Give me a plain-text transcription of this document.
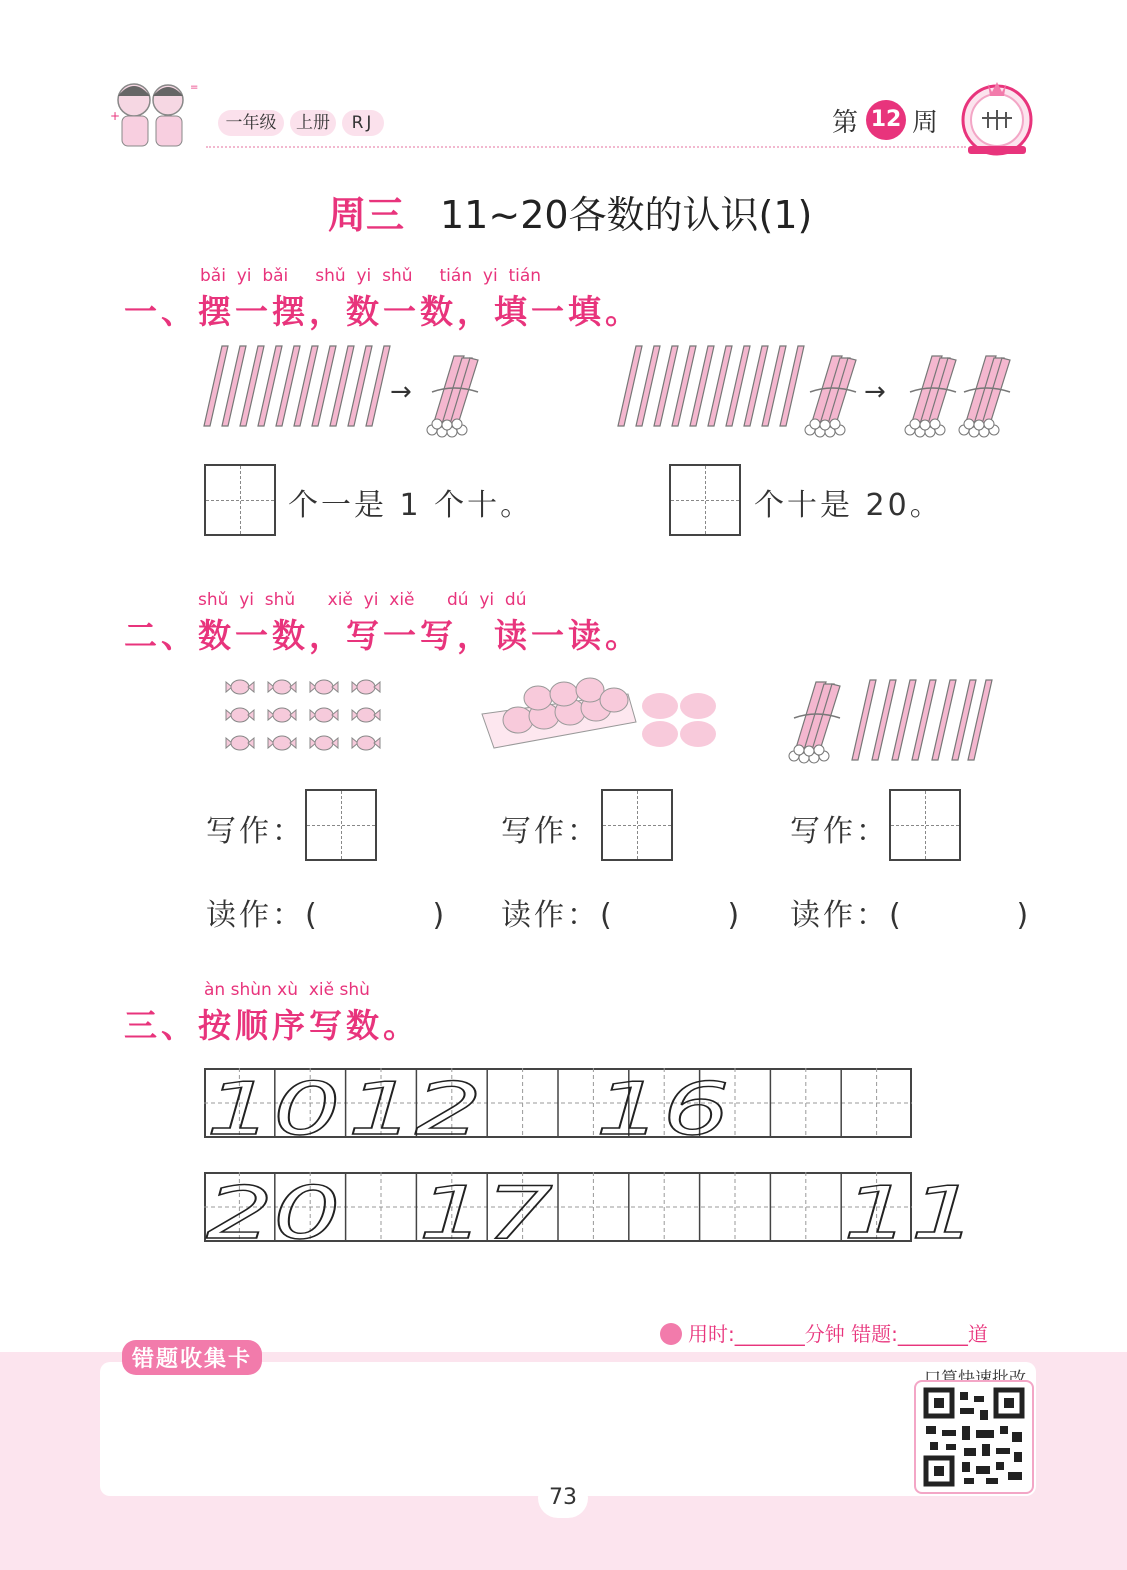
+
=
一年级	上册	RJ	第 12 周
周三 11~20各数的认识(1)
bǎi  yi  bǎi     shǔ  yi  shǔ     tián  yi  tián
一、摆一摆，数一数，填一填。
→	→
个一是 1 个十。	个十是 20。
shǔ  yi  shǔ      xiě  yi  xiě      dú  yi  dú
二、数一数，写一写，读一读。
写作：	写作：	写作：
读作：(         ) 读作：(         ) 读作：(         )
àn shùn xù  xiě shù
三、按顺序写数。
10 12 16
20 17	11
用时:_______分钟 错题:_______道
错题收集卡
口算快速批改
73
